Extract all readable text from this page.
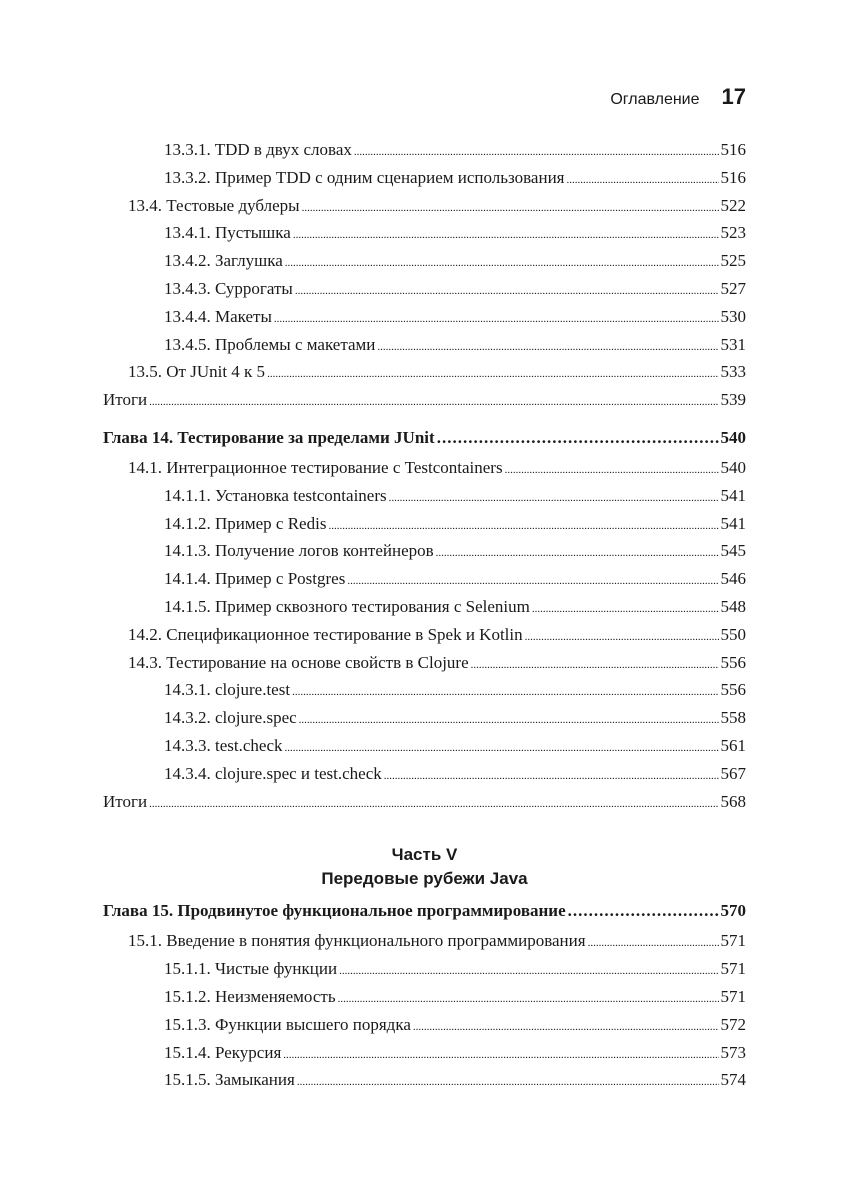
Оглавление 17
13.3.1. TDD в двух словах .....	516
13.3.2. Пример TDD с одним сценарием использования .....	516
13.4. Тестовые дублеры .....	522
13.4.1. Пустышка .....	523
13.4.2. Заглушка .....	525
13.4.3. Суррогаты .....	527
13.4.4. Макеты .....	530
13.4.5. Проблемы с макетами .....	531
13.5. От JUnit 4 к 5 .....	533
Итоги .....	539
Глава 14. Тестирование за пределами JUnit .....	540
14.1. Интеграционное тестирование с Testcontainers .....	540
14.1.1. Установка testcontainers .....	541
14.1.2. Пример с Redis .....	541
14.1.3. Получение логов контейнеров .....	545
14.1.4. Пример с Postgres .....	546
14.1.5. Пример сквозного тестирования с Selenium .....	548
14.2. Спецификационное тестирование в Spek и Kotlin .....	550
14.3. Тестирование на основе свойств в Clojure .....	556
14.3.1. clojure.test .....	556
14.3.2. clojure.spec .....	558
14.3.3. test.check .....	561
14.3.4. clojure.spec и test.check .....	567
Итоги .....	568
Часть V
Передовые рубежи Java
Глава 15. Продвинутое функциональное программирование .....	570
15.1. Введение в понятия функционального программирования .....	571
15.1.1. Чистые функции .....	571
15.1.2. Неизменяемость .....	571
15.1.3. Функции высшего порядка .....	572
15.1.4. Рекурсия .....	573
15.1.5. Замыкания .....	574
